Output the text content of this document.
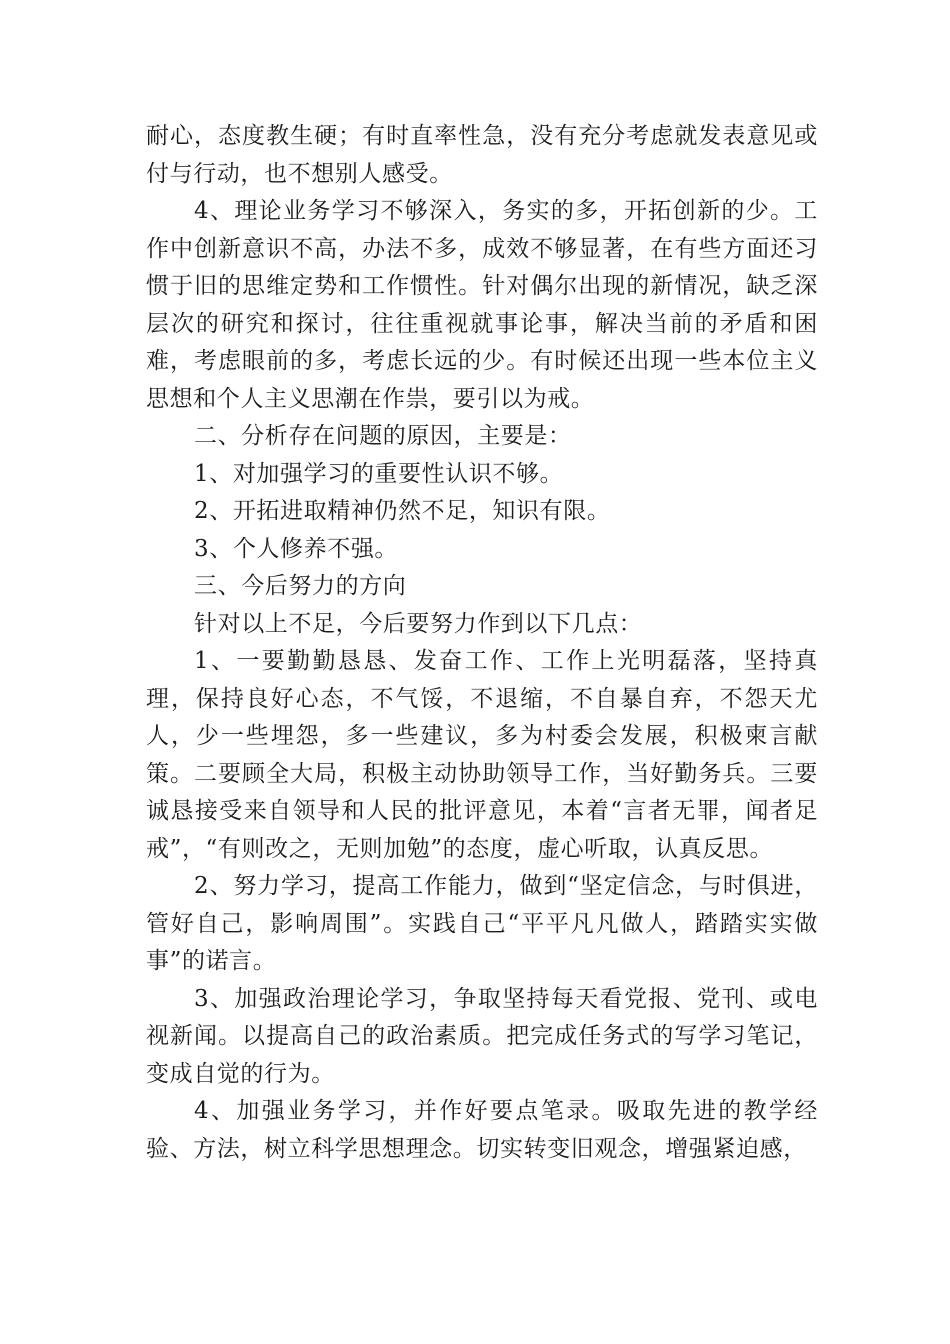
耐心，态度教生硬；有时直率性急，没有充分考虑就发表意见或付与行动，也不想别人感受。

4、理论业务学习不够深入，务实的多，开拓创新的少。工作中创新意识不高，办法不多，成效不够显著，在有些方面还习惯于旧的思维定势和工作惯性。针对偶尔出现的新情况，缺乏深层次的研究和探讨，往往重视就事论事，解决当前的矛盾和困难，考虑眼前的多，考虑长远的少。有时候还出现一些本位主义思想和个人主义思潮在作祟，要引以为戒。

二、分析存在问题的原因，主要是：

1、对加强学习的重要性认识不够。

2、开拓进取精神仍然不足，知识有限。

3、个人修养不强。

三、今后努力的方向

针对以上不足，今后要努力作到以下几点：

1、一要勤勤恳恳、发奋工作、工作上光明磊落，坚持真理，保持良好心态，不气馁，不退缩，不自暴自弃，不怨天尤人，少一些埋怨，多一些建议，多为村委会发展，积极柬言献策。二要顾全大局，积极主动协助领导工作，当好勤务兵。三要诚恳接受来自领导和人民的批评意见，本着“言者无罪，闻者足戒”，“有则改之，无则加勉”的态度，虚心听取，认真反思。

2、努力学习，提高工作能力，做到“坚定信念，与时俱进，管好自己，影响周围”。实践自己“平平凡凡做人，踏踏实实做事”的诺言。

3、加强政治理论学习，争取坚持每天看党报、党刊、或电视新闻。以提高自己的政治素质。把完成任务式的写学习笔记，变成自觉的行为。

4、加强业务学习，并作好要点笔录。吸取先进的教学经验、方法，树立科学思想理念。切实转变旧观念，增强紧迫感，
